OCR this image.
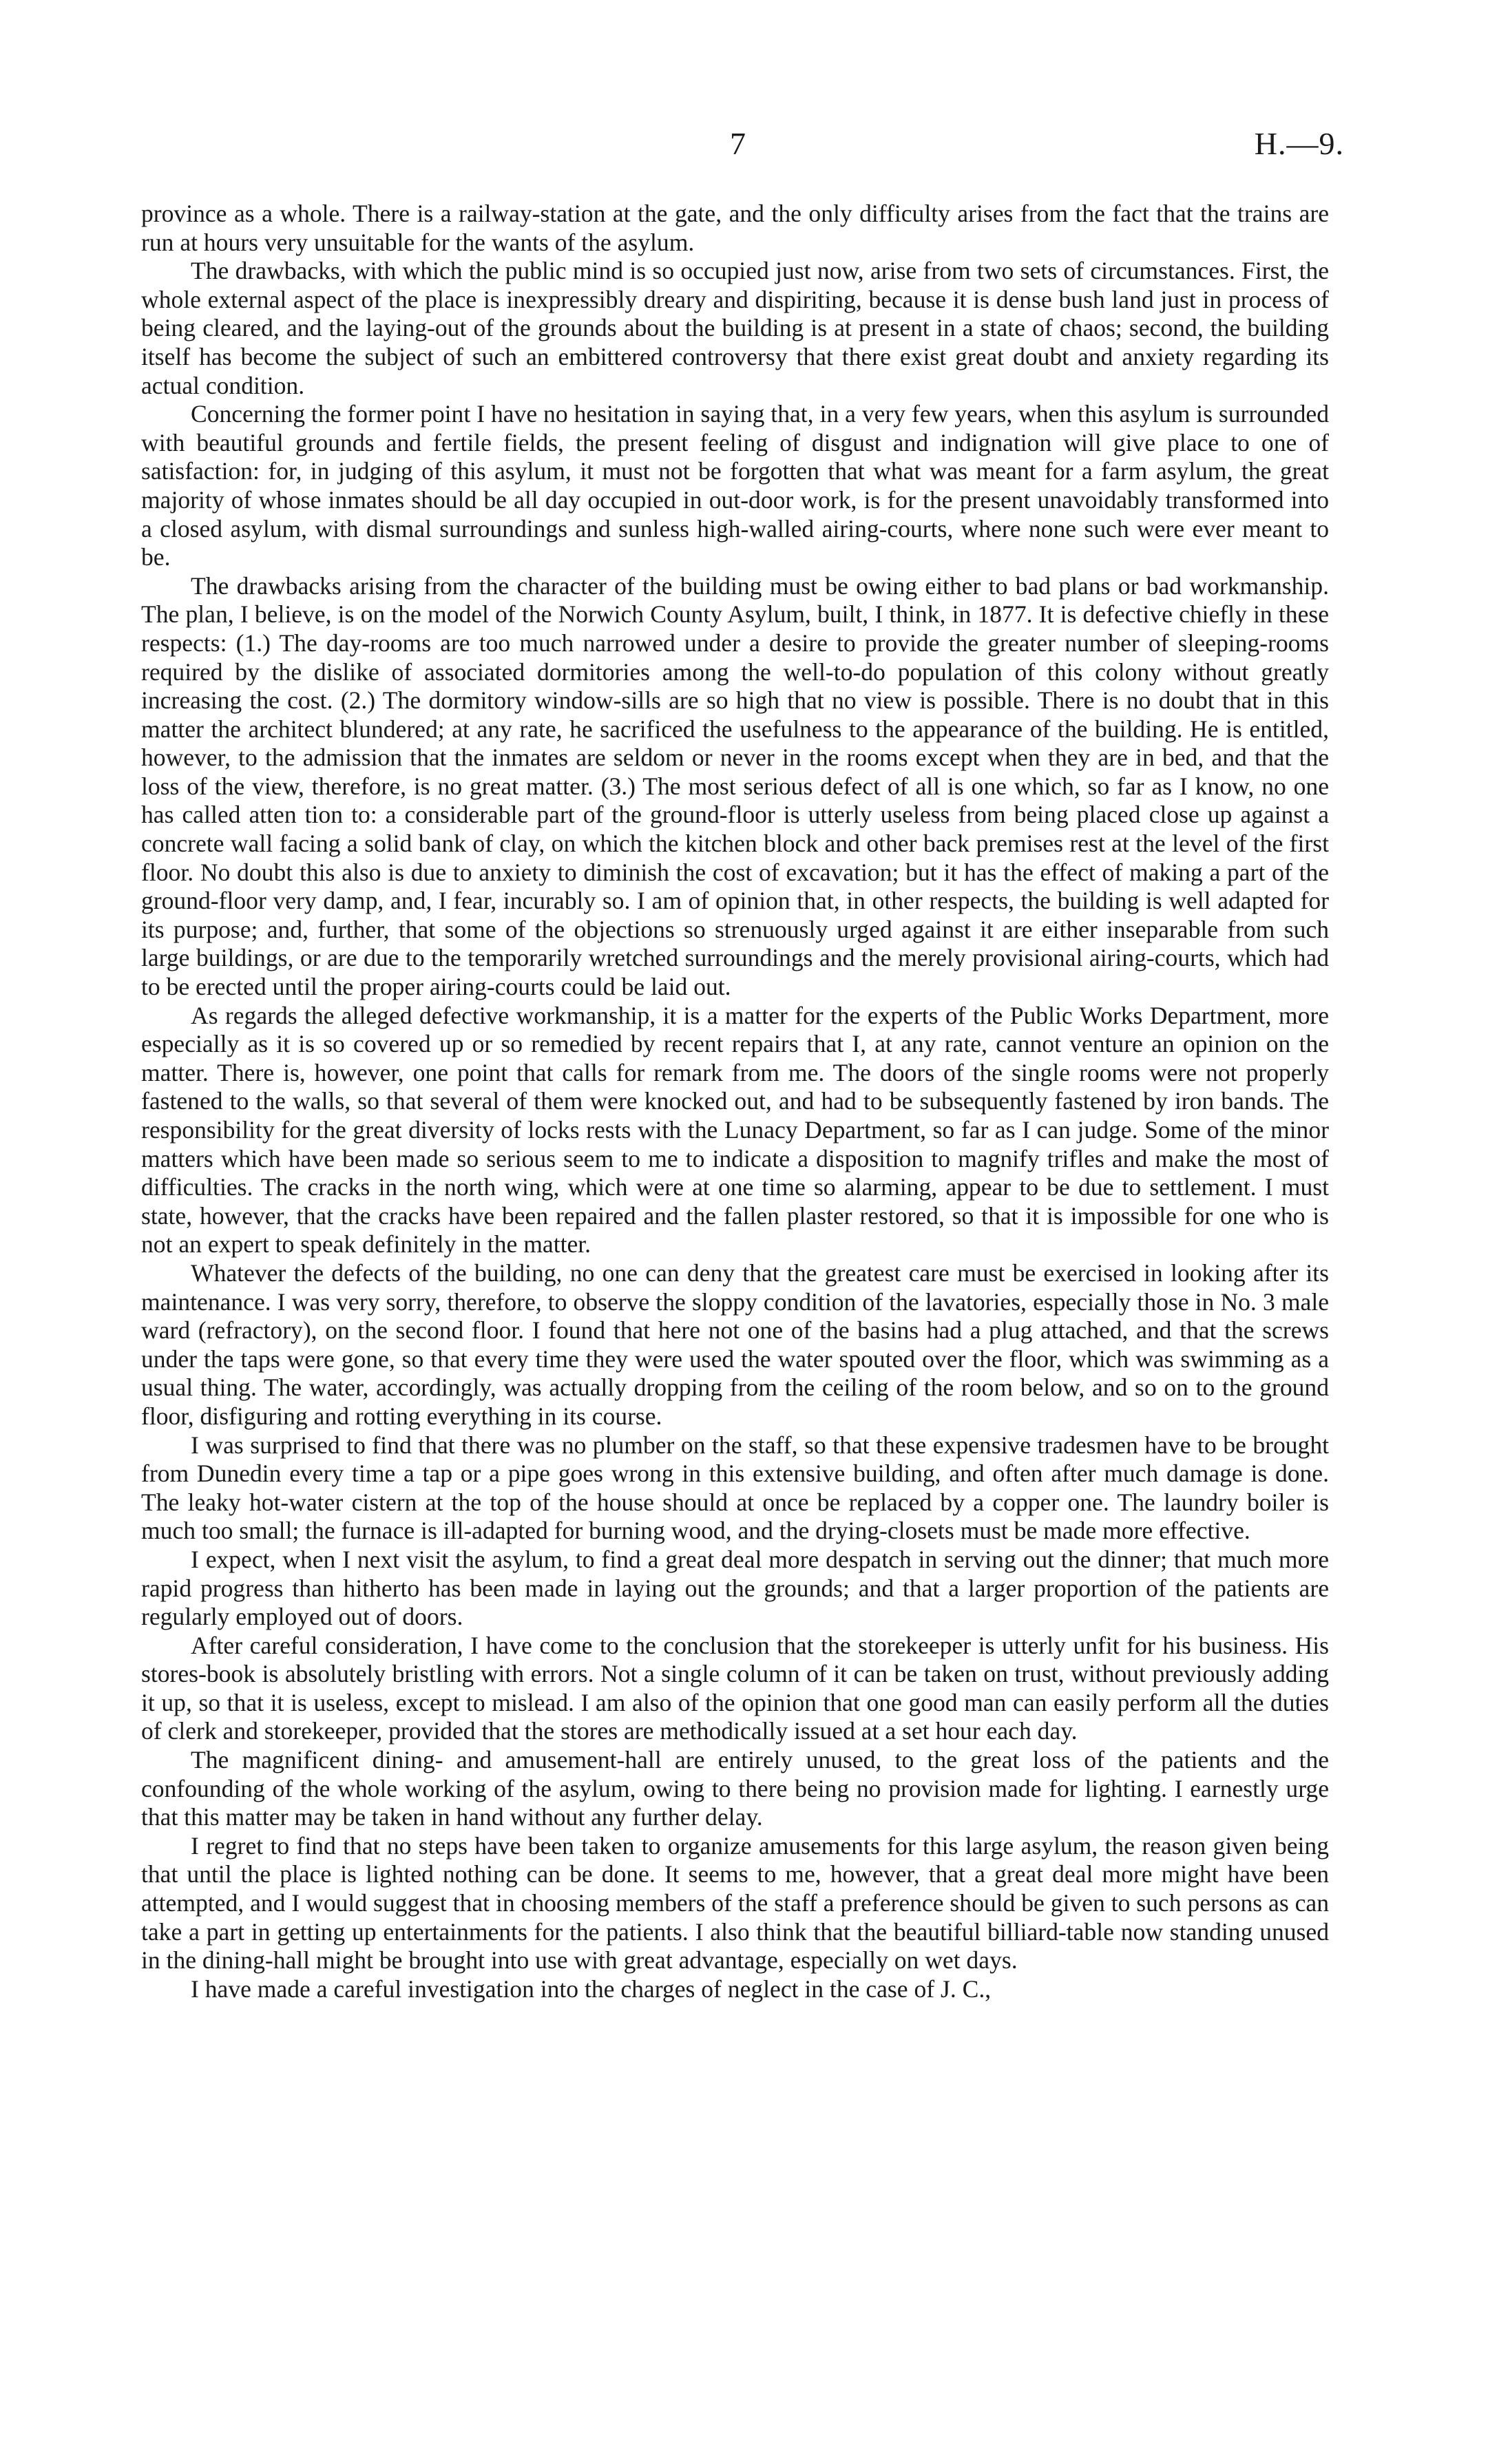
7	H.—9.

province as a whole. There is a railway-station at the gate, and the only difficulty arises from the fact that the trains are run at hours very unsuitable for the wants of the asylum.

The drawbacks, with which the public mind is so occupied just now, arise from two sets of circumstances. First, the whole external aspect of the place is inexpressibly dreary and dispiriting, because it is dense bush land just in process of being cleared, and the laying-out of the grounds about the building is at present in a state of chaos; second, the building itself has become the subject of such an embittered controversy that there exist great doubt and anxiety regarding its actual condition.

Concerning the former point I have no hesitation in saying that, in a very few years, when this asylum is surrounded with beautiful grounds and fertile fields, the present feeling of disgust and indignation will give place to one of satisfaction: for, in judging of this asylum, it must not be forgotten that what was meant for a farm asylum, the great majority of whose inmates should be all day occupied in out-door work, is for the present unavoidably transformed into a closed asylum, with dismal surroundings and sunless high-walled airing-courts, where none such were ever meant to be.

The drawbacks arising from the character of the building must be owing either to bad plans or bad workmanship. The plan, I believe, is on the model of the Norwich County Asylum, built, I think, in 1877. It is defective chiefly in these respects: (1.) The day-rooms are too much narrowed under a desire to provide the greater number of sleeping-rooms required by the dislike of associated dormitories among the well-to-do population of this colony without greatly increasing the cost. (2.) The dormitory window-sills are so high that no view is possible. There is no doubt that in this matter the architect blundered; at any rate, he sacrificed the usefulness to the appearance of the building. He is entitled, however, to the admission that the inmates are seldom or never in the rooms except when they are in bed, and that the loss of the view, therefore, is no great matter. (3.) The most serious defect of all is one which, so far as I know, no one has called atten tion to: a considerable part of the ground-floor is utterly useless from being placed close up against a concrete wall facing a solid bank of clay, on which the kitchen block and other back premises rest at the level of the first floor. No doubt this also is due to anxiety to diminish the cost of excavation; but it has the effect of making a part of the ground-floor very damp, and, I fear, incurably so. I am of opinion that, in other respects, the building is well adapted for its purpose; and, further, that some of the objections so strenuously urged against it are either inseparable from such large buildings, or are due to the temporarily wretched surroundings and the merely provisional airing-courts, which had to be erected until the proper airing-courts could be laid out.

As regards the alleged defective workmanship, it is a matter for the experts of the Public Works Department, more especially as it is so covered up or so remedied by recent repairs that I, at any rate, cannot venture an opinion on the matter. There is, however, one point that calls for remark from me. The doors of the single rooms were not properly fastened to the walls, so that several of them were knocked out, and had to be subsequently fastened by iron bands. The responsibility for the great diversity of locks rests with the Lunacy Department, so far as I can judge. Some of the minor matters which have been made so serious seem to me to indicate a disposition to magnify trifles and make the most of difficulties. The cracks in the north wing, which were at one time so alarming, appear to be due to settlement. I must state, however, that the cracks have been repaired and the fallen plaster restored, so that it is impossible for one who is not an expert to speak definitely in the matter.

Whatever the defects of the building, no one can deny that the greatest care must be exercised in looking after its maintenance. I was very sorry, therefore, to observe the sloppy condition of the lavatories, especially those in No. 3 male ward (refractory), on the second floor. I found that here not one of the basins had a plug attached, and that the screws under the taps were gone, so that every time they were used the water spouted over the floor, which was swimming as a usual thing. The water, accordingly, was actually dropping from the ceiling of the room below, and so on to the ground floor, disfiguring and rotting everything in its course.

I was surprised to find that there was no plumber on the staff, so that these expensive tradesmen have to be brought from Dunedin every time a tap or a pipe goes wrong in this extensive building, and often after much damage is done. The leaky hot-water cistern at the top of the house should at once be replaced by a copper one. The laundry boiler is much too small; the furnace is ill-adapted for burning wood, and the drying-closets must be made more effective.

I expect, when I next visit the asylum, to find a great deal more despatch in serving out the dinner; that much more rapid progress than hitherto has been made in laying out the grounds; and that a larger proportion of the patients are regularly employed out of doors.

After careful consideration, I have come to the conclusion that the storekeeper is utterly unfit for his business. His stores-book is absolutely bristling with errors. Not a single column of it can be taken on trust, without previously adding it up, so that it is useless, except to mislead. I am also of the opinion that one good man can easily perform all the duties of clerk and storekeeper, provided that the stores are methodically issued at a set hour each day.

The magnificent dining- and amusement-hall are entirely unused, to the great loss of the patients and the confounding of the whole working of the asylum, owing to there being no provision made for lighting. I earnestly urge that this matter may be taken in hand without any further delay.

I regret to find that no steps have been taken to organize amusements for this large asylum, the reason given being that until the place is lighted nothing can be done. It seems to me, however, that a great deal more might have been attempted, and I would suggest that in choosing members of the staff a preference should be given to such persons as can take a part in getting up entertainments for the patients. I also think that the beautiful billiard-table now standing unused in the dining-hall might be brought into use with great advantage, especially on wet days.

I have made a careful investigation into the charges of neglect in the case of J. C.,
